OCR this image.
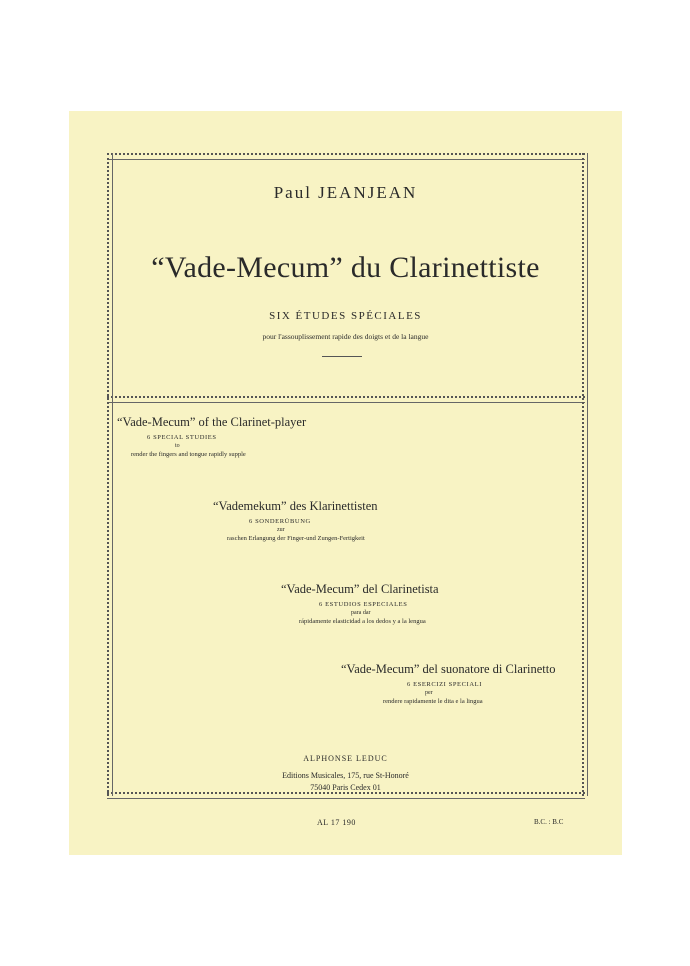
Paul JEANJEAN
“Vade-Mecum” du Clarinettiste
SIX ÉTUDES SPÉCIALES
pour l'assouplissement rapide des doigts et de la langue
“Vade-Mecum” of the Clarinet-player
6 SPECIAL STUDIES
to
render the fingers and tongue rapidly supple
“Vademekum” des Klarinettisten
6 SONDERÜBUNG
zur
raschen Erlangung der Finger-und Zungen-Fertigkeit
“Vade-Mecum” del Clarinetista
6 ESTUDIOS ESPECIALES
para dar
rápidamente elasticidad a los dedos y a la lengua
“Vade-Mecum” del suonatore di Clarinetto
6 ESERCIZI SPECIALI
per
rendere rapidamente le dita e la lingua
ALPHONSE LEDUC
Editions Musicales, 175, rue St-Honoré
75040 Paris Cedex 01
AL 17 190	B.C. : B.C
